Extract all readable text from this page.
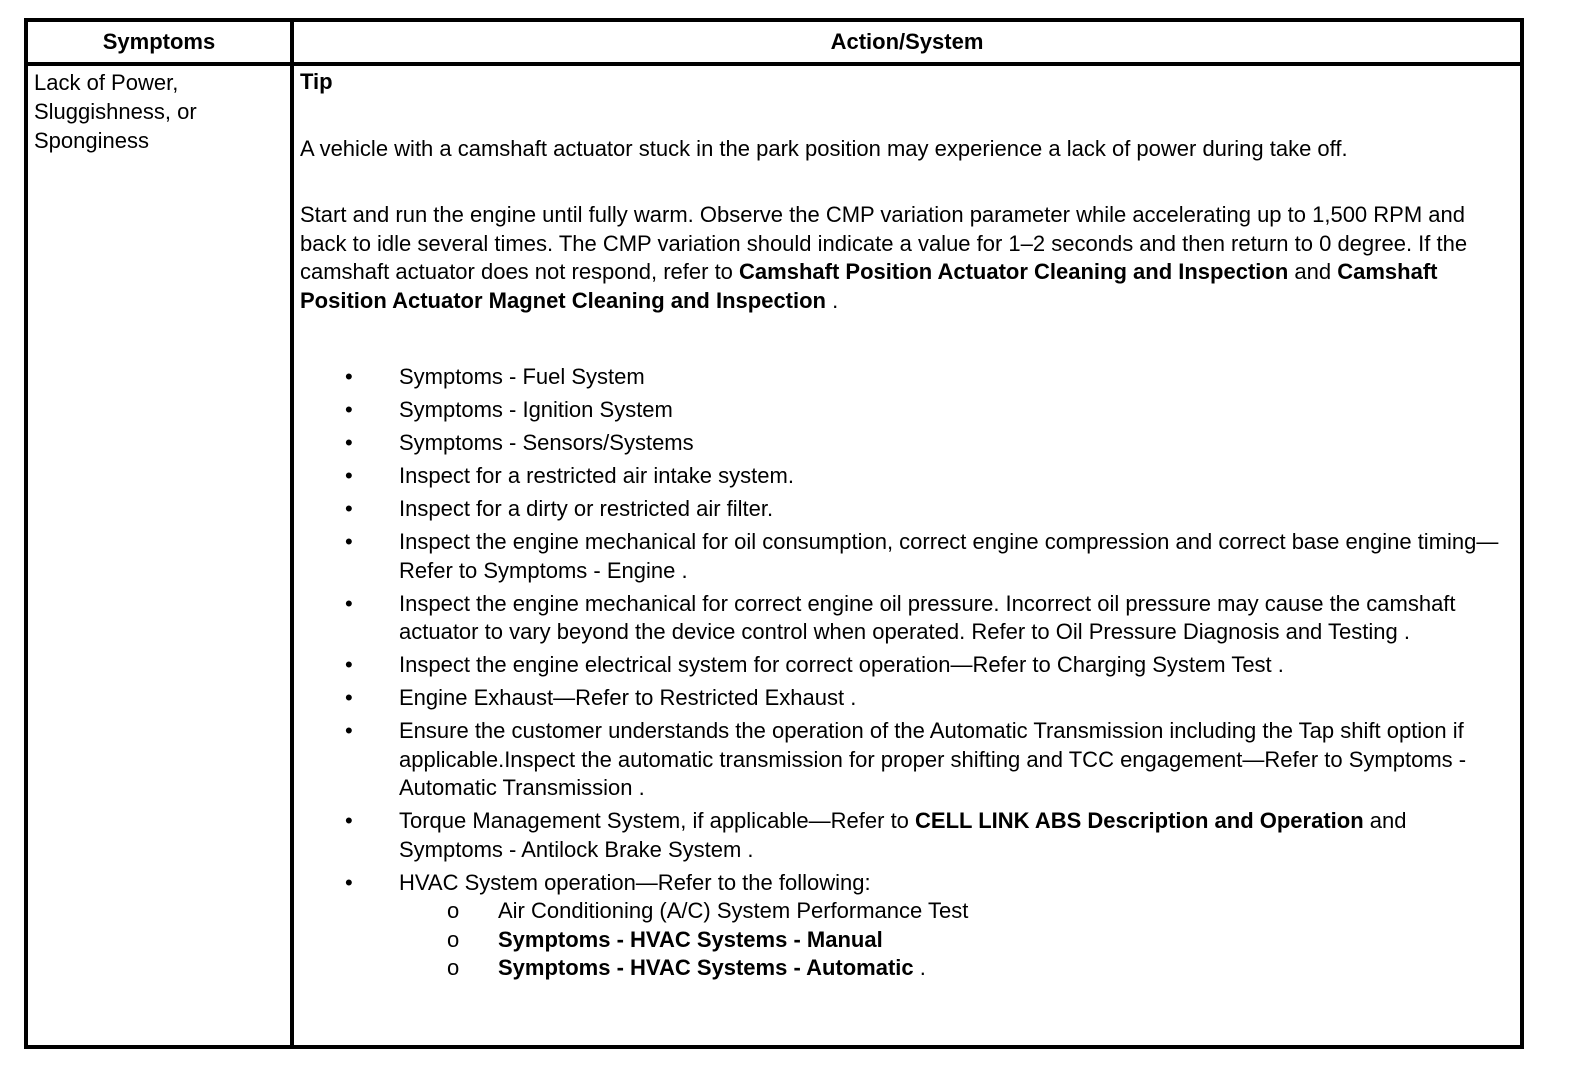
Symptoms	Action/System
Lack of Power, Sluggishness, or Sponginess

Tip

A vehicle with a camshaft actuator stuck in the park position may experience a lack of power during take off.

Start and run the engine until fully warm. Observe the CMP variation parameter while accelerating up to 1,500 RPM and back to idle several times. The CMP variation should indicate a value for 1–2 seconds and then return to 0 degree. If the camshaft actuator does not respond, refer to Camshaft Position Actuator Cleaning and Inspection and Camshaft Position Actuator Magnet Cleaning and Inspection .

• Symptoms - Fuel System
• Symptoms - Ignition System
• Symptoms - Sensors/Systems
• Inspect for a restricted air intake system.
• Inspect for a dirty or restricted air filter.
• Inspect the engine mechanical for oil consumption, correct engine compression and correct base engine timing—Refer to Symptoms - Engine .
• Inspect the engine mechanical for correct engine oil pressure. Incorrect oil pressure may cause the camshaft actuator to vary beyond the device control when operated. Refer to Oil Pressure Diagnosis and Testing .
• Inspect the engine electrical system for correct operation—Refer to Charging System Test .
• Engine Exhaust—Refer to Restricted Exhaust .
• Ensure the customer understands the operation of the Automatic Transmission including the Tap shift option if applicable.Inspect the automatic transmission for proper shifting and TCC engagement—Refer to Symptoms - Automatic Transmission .
• Torque Management System, if applicable—Refer to CELL LINK ABS Description and Operation and Symptoms - Antilock Brake System .
• HVAC System operation—Refer to the following:
o Air Conditioning (A/C) System Performance Test
o Symptoms - HVAC Systems - Manual
o Symptoms - HVAC Systems - Automatic .
